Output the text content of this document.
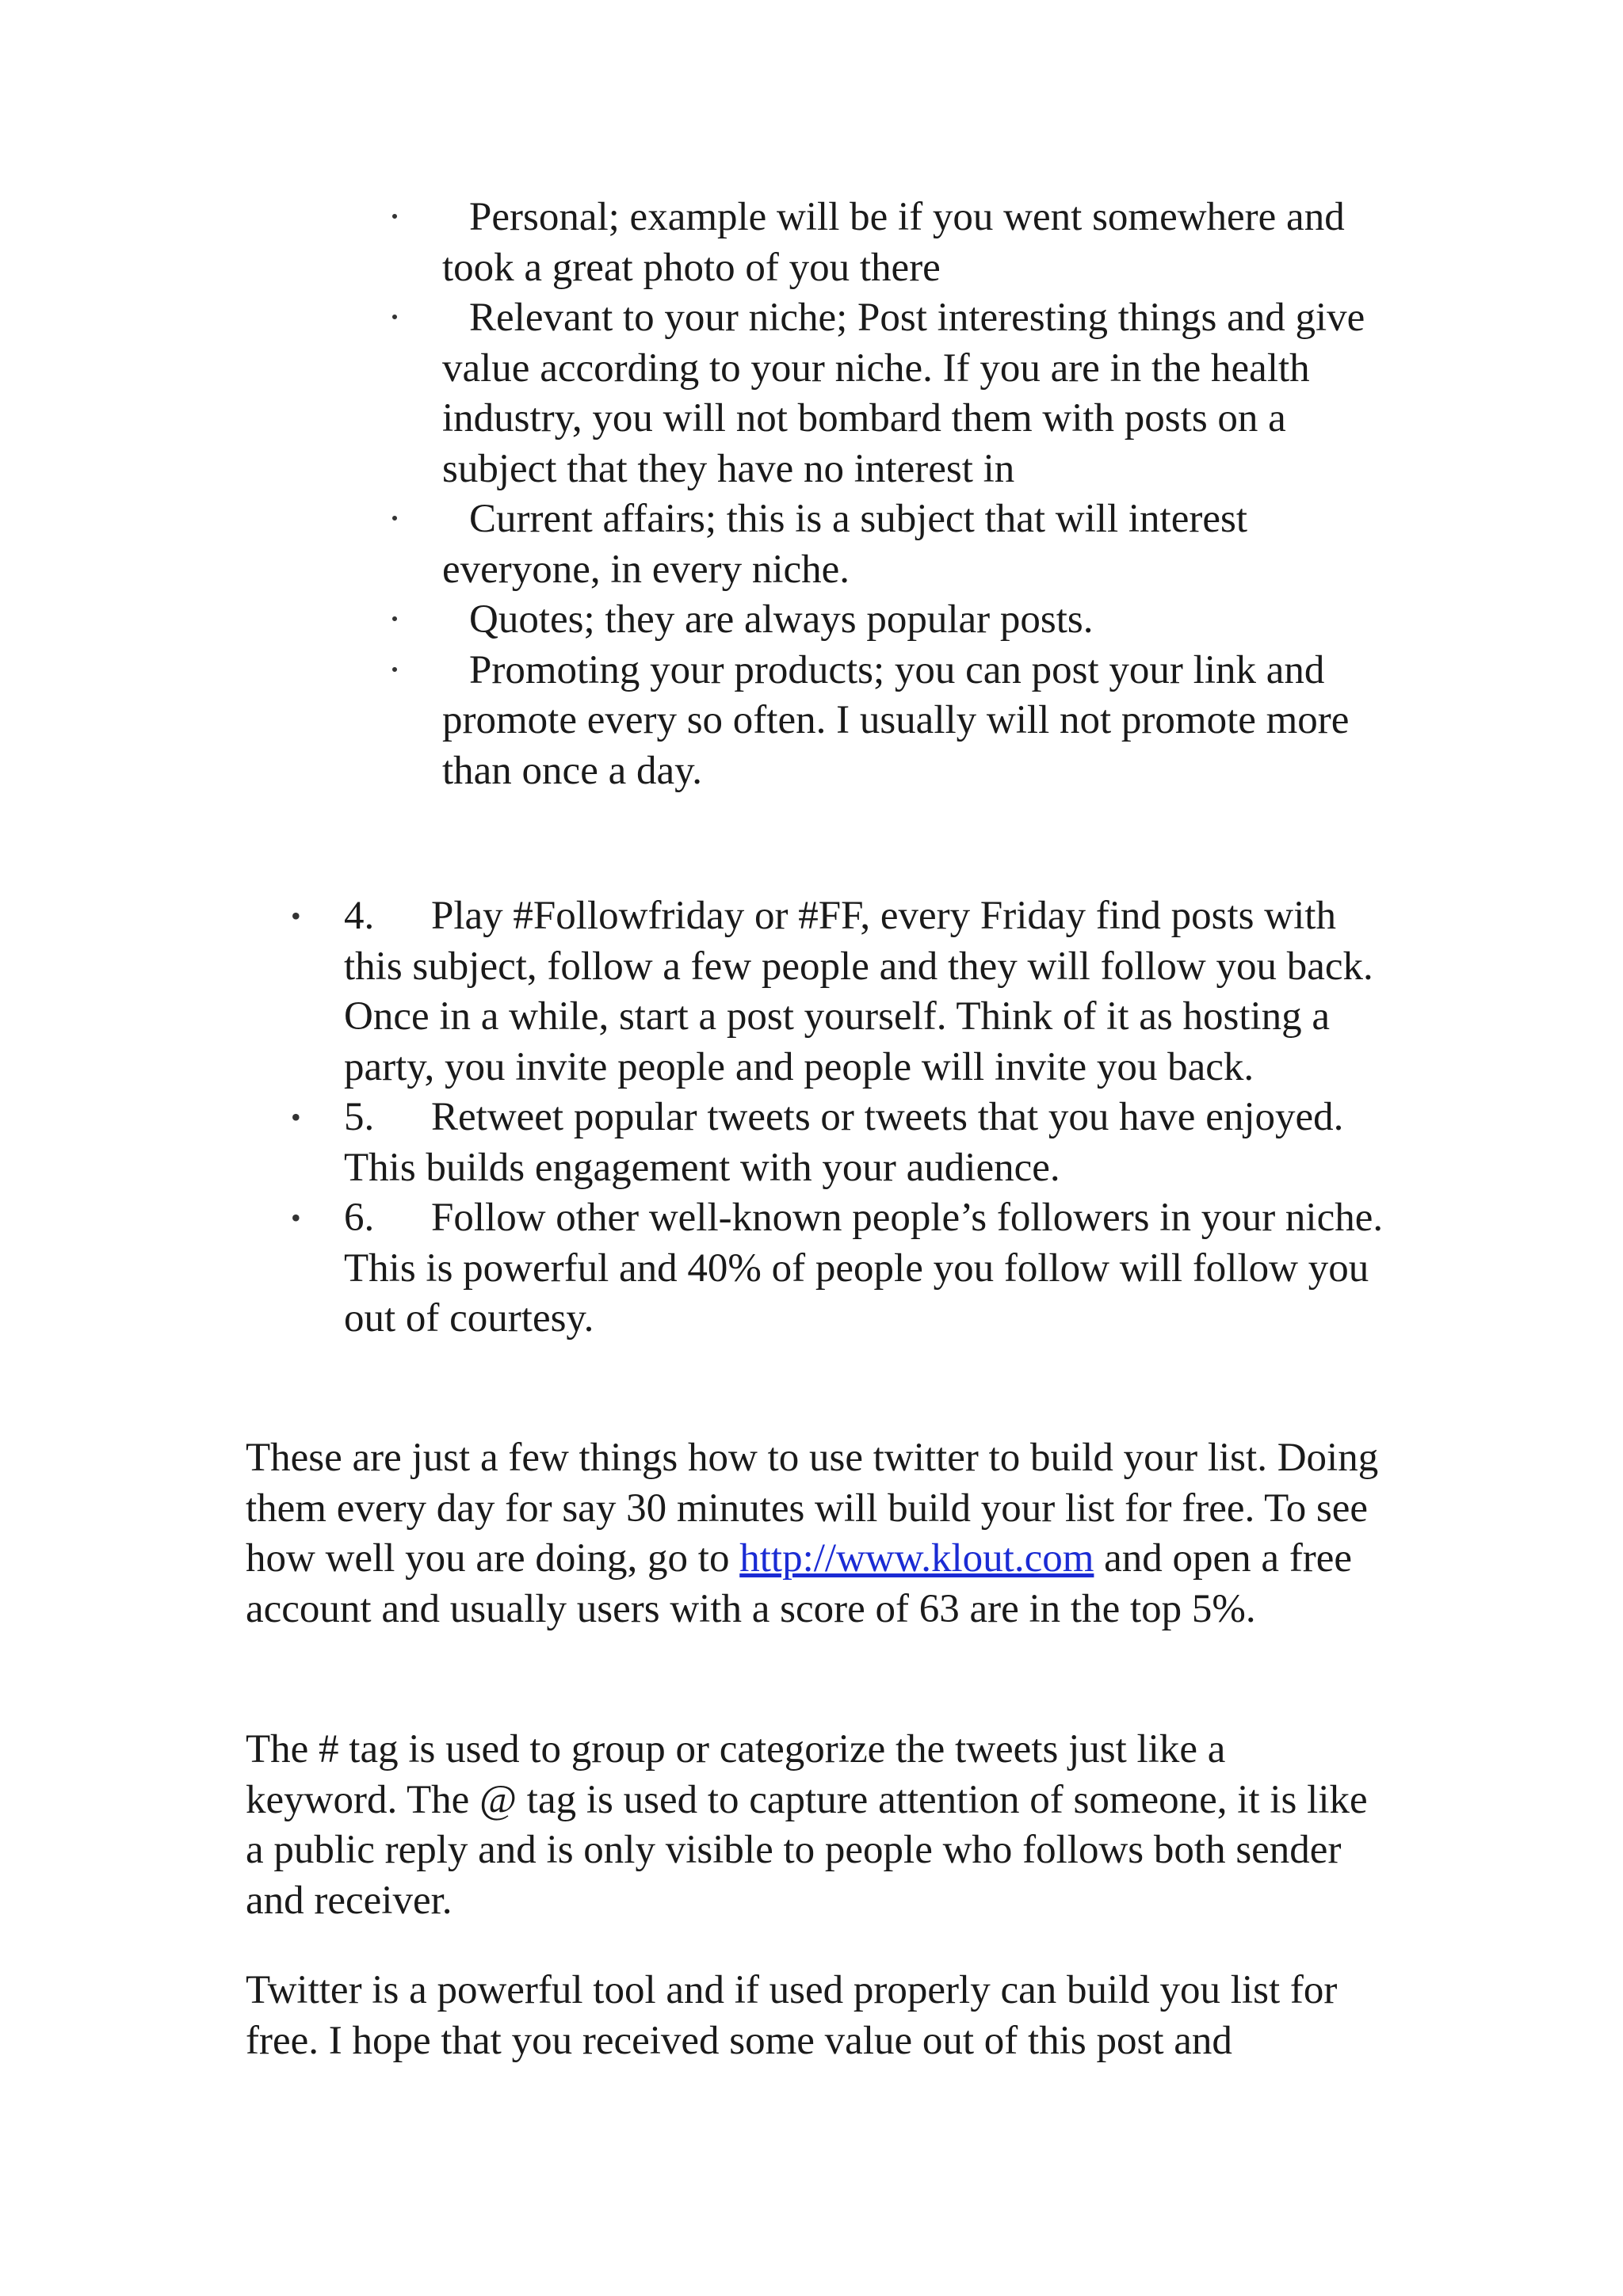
·	Personal; example will be if you went somewhere and took a great photo of you there
·	Relevant to your niche; Post interesting things and give value according to your niche. If you are in the health industry, you will not bombard them with posts on a subject that they have no interest in
·	Current affairs; this is a subject that will interest everyone, in every niche.
·	Quotes; they are always popular posts.
·	Promoting your products; you can post your link and promote every so often. I usually will not promote more than once a day.
• 4.	Play #Followfriday or #FF, every Friday find posts with this subject, follow a few people and they will follow you back. Once in a while, start a post yourself. Think of it as hosting a party, you invite people and people will invite you back.
• 5.	Retweet popular tweets or tweets that you have enjoyed. This builds engagement with your audience.
• 6.	Follow other well-known people’s followers in your niche. This is powerful and 40% of people you follow will follow you out of courtesy.

These are just a few things how to use twitter to build your list. Doing them every day for say 30 minutes will build your list for free. To see how well you are doing, go to http://www.klout.com and open a free account and usually users with a score of 63 are in the top 5%.

The # tag is used to group or categorize the tweets just like a keyword. The @ tag is used to capture attention of someone, it is like a public reply and is only visible to people who follows both sender and receiver.

Twitter is a powerful tool and if used properly can build you list for free. I hope that you received some value out of this post and
